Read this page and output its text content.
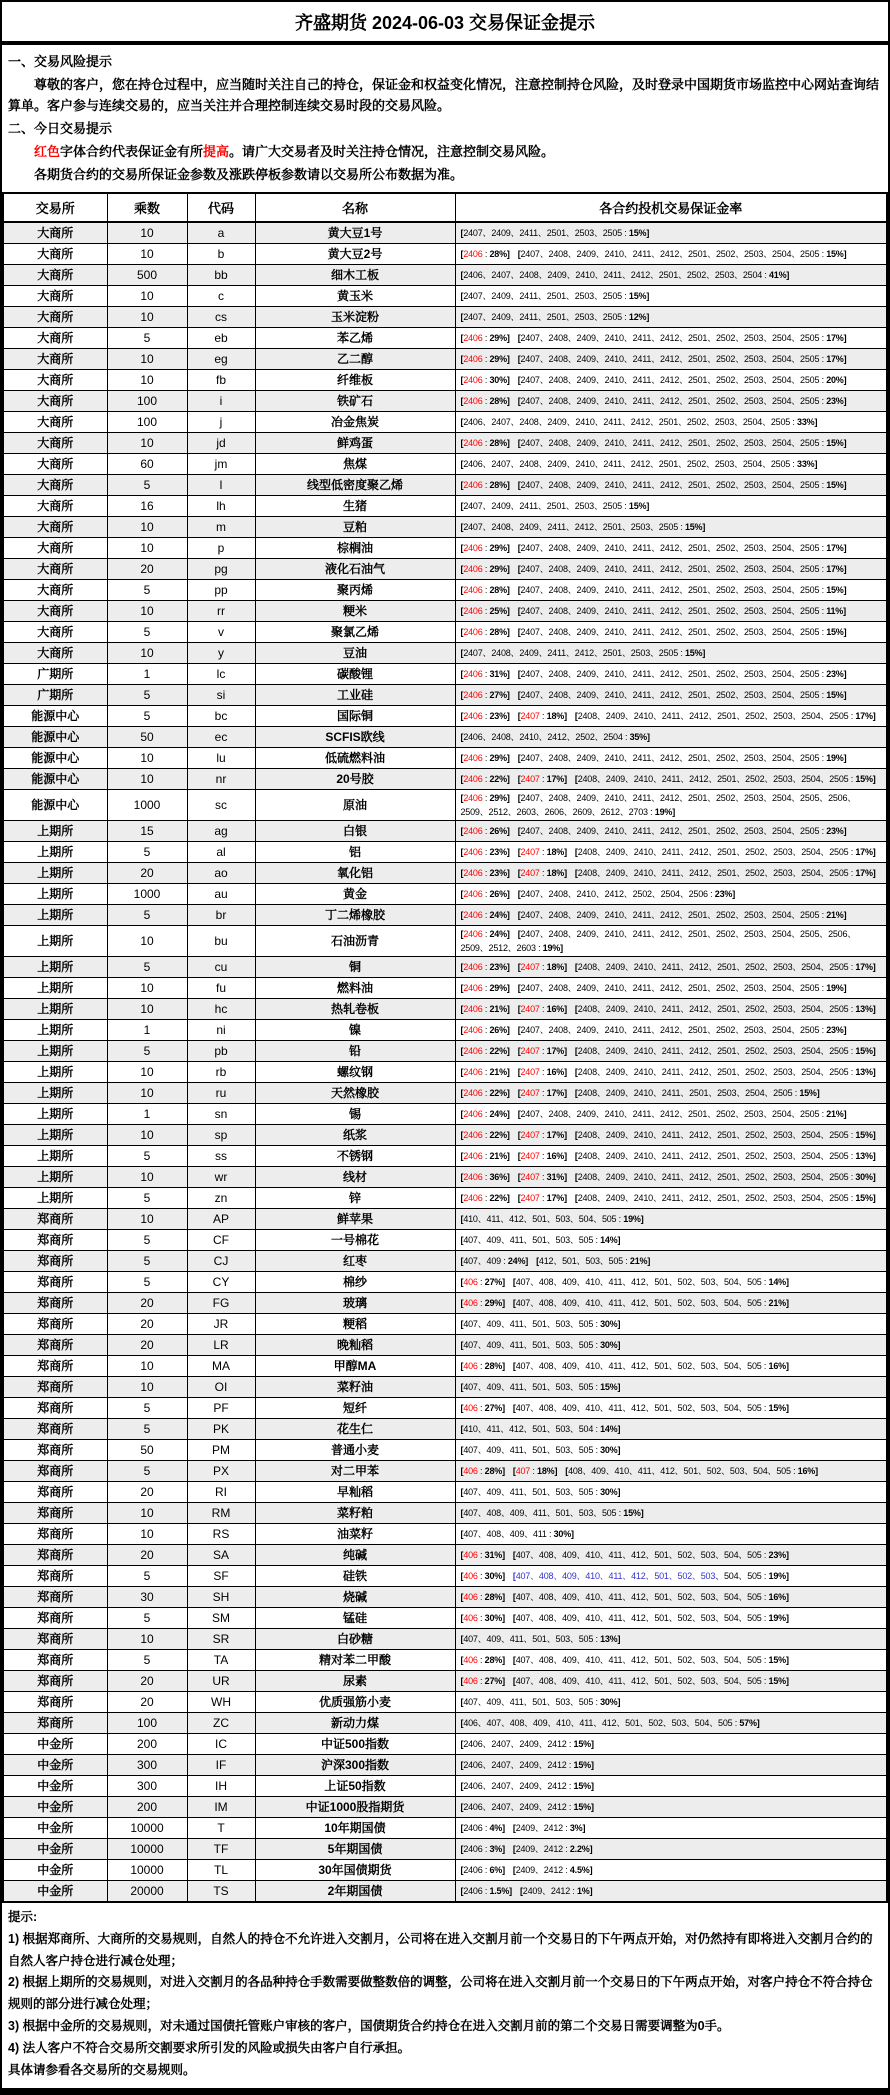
齐盛期货 2024-06-03 交易保证金提示
一、交易风险提示

尊敬的客户，您在持仓过程中，应当随时关注自己的持仓，保证金和权益变化情况，注意控制持仓风险，及时登录中国期货市场监控中心网站查询结算单。客户参与连续交易的，应当关注并合理控制连续交易时段的交易风险。

二、今日交易提示

红色字体合约代表保证金有所提高。请广大交易者及时关注持仓情况，注意控制交易风险。

各期货合约的交易所保证金参数及涨跌停板参数请以交易所公布数据为准。

交易所	乘数	代码	名称	各合约投机交易保证金率
大商所	10	a	黄大豆1号	[2407、2409、2411、2501、2503、2505 : 15%]
大商所	10	b	黄大豆2号	[2406 : 28%] [2407、2408、2409、2410、2411、2412、2501、2502、2503、2504、2505 : 15%]
大商所	500	bb	细木工板	[2406、2407、2408、2409、2410、2411、2412、2501、2502、2503、2504 : 41%]
大商所	10	c	黄玉米	[2407、2409、2411、2501、2503、2505 : 15%]
大商所	10	cs	玉米淀粉	[2407、2409、2411、2501、2503、2505 : 12%]
大商所	5	eb	苯乙烯	[2406 : 29%] [2407、2408、2409、2410、2411、2412、2501、2502、2503、2504、2505 : 17%]
大商所	10	eg	乙二醇	[2406 : 29%] [2407、2408、2409、2410、2411、2412、2501、2502、2503、2504、2505 : 17%]
大商所	10	fb	纤维板	[2406 : 30%] [2407、2408、2409、2410、2411、2412、2501、2502、2503、2504、2505 : 20%]
大商所	100	i	铁矿石	[2406 : 28%] [2407、2408、2409、2410、2411、2412、2501、2502、2503、2504、2505 : 23%]
大商所	100	j	冶金焦炭	[2406、2407、2408、2409、2410、2411、2412、2501、2502、2503、2504、2505 : 33%]
大商所	10	jd	鲜鸡蛋	[2406 : 28%] [2407、2408、2409、2410、2411、2412、2501、2502、2503、2504、2505 : 15%]
大商所	60	jm	焦煤	[2406、2407、2408、2409、2410、2411、2412、2501、2502、2503、2504、2505 : 33%]
大商所	5	l	线型低密度聚乙烯	[2406 : 28%] [2407、2408、2409、2410、2411、2412、2501、2502、2503、2504、2505 : 15%]
大商所	16	lh	生猪	[2407、2409、2411、2501、2503、2505 : 15%]
大商所	10	m	豆粕	[2407、2408、2409、2411、2412、2501、2503、2505 : 15%]
大商所	10	p	棕榈油	[2406 : 29%] [2407、2408、2409、2410、2411、2412、2501、2502、2503、2504、2505 : 17%]
大商所	20	pg	液化石油气	[2406 : 29%] [2407、2408、2409、2410、2411、2412、2501、2502、2503、2504、2505 : 17%]
大商所	5	pp	聚丙烯	[2406 : 28%] [2407、2408、2409、2410、2411、2412、2501、2502、2503、2504、2505 : 15%]
大商所	10	rr	粳米	[2406 : 25%] [2407、2408、2409、2410、2411、2412、2501、2502、2503、2504、2505 : 11%]
大商所	5	v	聚氯乙烯	[2406 : 28%] [2407、2408、2409、2410、2411、2412、2501、2502、2503、2504、2505 : 15%]
大商所	10	y	豆油	[2407、2408、2409、2411、2412、2501、2503、2505 : 15%]
广期所	1	lc	碳酸锂	[2406 : 31%] [2407、2408、2409、2410、2411、2412、2501、2502、2503、2504、2505 : 23%]
广期所	5	si	工业硅	[2406 : 27%] [2407、2408、2409、2410、2411、2412、2501、2502、2503、2504、2505 : 15%]
能源中心	5	bc	国际铜	[2406 : 23%] [2407 : 18%] [2408、2409、2410、2411、2412、2501、2502、2503、2504、2505 : 17%]
能源中心	50	ec	SCFIS欧线	[2406、2408、2410、2412、2502、2504 : 35%]
能源中心	10	lu	低硫燃料油	[2406 : 29%] [2407、2408、2409、2410、2411、2412、2501、2502、2503、2504、2505 : 19%]
能源中心	10	nr	20号胶	[2406 : 22%] [2407 : 17%] [2408、2409、2410、2411、2412、2501、2502、2503、2504、2505 : 15%]
能源中心	1000	sc	原油	[2406 : 29%] [2407、2408、2409、2410、2411、2412、2501、2502、2503、2504、2505、2506、2509、2512、2603、2606、2609、2612、2703 : 19%]
上期所	15	ag	白银	[2406 : 26%] [2407、2408、2409、2410、2411、2412、2501、2502、2503、2504、2505 : 23%]
上期所	5	al	铝	[2406 : 23%] [2407 : 18%] [2408、2409、2410、2411、2412、2501、2502、2503、2504、2505 : 17%]
上期所	20	ao	氧化铝	[2406 : 23%] [2407 : 18%] [2408、2409、2410、2411、2412、2501、2502、2503、2504、2505 : 17%]
上期所	1000	au	黄金	[2406 : 26%] [2407、2408、2410、2412、2502、2504、2506 : 23%]
上期所	5	br	丁二烯橡胶	[2406 : 24%] [2407、2408、2409、2410、2411、2412、2501、2502、2503、2504、2505 : 21%]
上期所	10	bu	石油沥青	[2406 : 24%] [2407、2408、2409、2410、2411、2412、2501、2502、2503、2504、2505、2506、2509、2512、2603 : 19%]
上期所	5	cu	铜	[2406 : 23%] [2407 : 18%] [2408、2409、2410、2411、2412、2501、2502、2503、2504、2505 : 17%]
上期所	10	fu	燃料油	[2406 : 29%] [2407、2408、2409、2410、2411、2412、2501、2502、2503、2504、2505 : 19%]
上期所	10	hc	热轧卷板	[2406 : 21%] [2407 : 16%] [2408、2409、2410、2411、2412、2501、2502、2503、2504、2505 : 13%]
上期所	1	ni	镍	[2406 : 26%] [2407、2408、2409、2410、2411、2412、2501、2502、2503、2504、2505 : 23%]
上期所	5	pb	铅	[2406 : 22%] [2407 : 17%] [2408、2409、2410、2411、2412、2501、2502、2503、2504、2505 : 15%]
上期所	10	rb	螺纹钢	[2406 : 21%] [2407 : 16%] [2408、2409、2410、2411、2412、2501、2502、2503、2504、2505 : 13%]
上期所	10	ru	天然橡胶	[2406 : 22%] [2407 : 17%] [2408、2409、2410、2411、2501、2503、2504、2505 : 15%]
上期所	1	sn	锡	[2406 : 24%] [2407、2408、2409、2410、2411、2412、2501、2502、2503、2504、2505 : 21%]
上期所	10	sp	纸浆	[2406 : 22%] [2407 : 17%] [2408、2409、2410、2411、2412、2501、2502、2503、2504、2505 : 15%]
上期所	5	ss	不锈钢	[2406 : 21%] [2407 : 16%] [2408、2409、2410、2411、2412、2501、2502、2503、2504、2505 : 13%]
上期所	10	wr	线材	[2406 : 36%] [2407 : 31%] [2408、2409、2410、2411、2412、2501、2502、2503、2504、2505 : 30%]
上期所	5	zn	锌	[2406 : 22%] [2407 : 17%] [2408、2409、2410、2411、2412、2501、2502、2503、2504、2505 : 15%]
郑商所	10	AP	鲜苹果	[410、411、412、501、503、504、505 : 19%]
郑商所	5	CF	一号棉花	[407、409、411、501、503、505 : 14%]
郑商所	5	CJ	红枣	[407、409 : 24%] [412、501、503、505 : 21%]
郑商所	5	CY	棉纱	[406 : 27%] [407、408、409、410、411、412、501、502、503、504、505 : 14%]
郑商所	20	FG	玻璃	[406 : 29%] [407、408、409、410、411、412、501、502、503、504、505 : 21%]
郑商所	20	JR	粳稻	[407、409、411、501、503、505 : 30%]
郑商所	20	LR	晚籼稻	[407、409、411、501、503、505 : 30%]
郑商所	10	MA	甲醇MA	[406 : 28%] [407、408、409、410、411、412、501、502、503、504、505 : 16%]
郑商所	10	OI	菜籽油	[407、409、411、501、503、505 : 15%]
郑商所	5	PF	短纤	[406 : 27%] [407、408、409、410、411、412、501、502、503、504、505 : 15%]
郑商所	5	PK	花生仁	[410、411、412、501、503、504 : 14%]
郑商所	50	PM	普通小麦	[407、409、411、501、503、505 : 30%]
郑商所	5	PX	对二甲苯	[406 : 28%] [407 : 18%] [408、409、410、411、412、501、502、503、504、505 : 16%]
郑商所	20	RI	早籼稻	[407、409、411、501、503、505 : 30%]
郑商所	10	RM	菜籽粕	[407、408、409、411、501、503、505 : 15%]
郑商所	10	RS	油菜籽	[407、408、409、411 : 30%]
郑商所	20	SA	纯碱	[406 : 31%] [407、408、409、410、411、412、501、502、503、504、505 : 23%]
郑商所	5	SF	硅铁	[406 : 30%] [407、408、409、410、411、412、501、502、503、504、505 : 19%]
郑商所	30	SH	烧碱	[406 : 28%] [407、408、409、410、411、412、501、502、503、504、505 : 16%]
郑商所	5	SM	锰硅	[406 : 30%] [407、408、409、410、411、412、501、502、503、504、505 : 19%]
郑商所	10	SR	白砂糖	[407、409、411、501、503、505 : 13%]
郑商所	5	TA	精对苯二甲酸	[406 : 28%] [407、408、409、410、411、412、501、502、503、504、505 : 15%]
郑商所	20	UR	尿素	[406 : 27%] [407、408、409、410、411、412、501、502、503、504、505 : 15%]
郑商所	20	WH	优质强筋小麦	[407、409、411、501、503、505 : 30%]
郑商所	100	ZC	新动力煤	[406、407、408、409、410、411、412、501、502、503、504、505 : 57%]
中金所	200	IC	中证500指数	[2406、2407、2409、2412 : 15%]
中金所	300	IF	沪深300指数	[2406、2407、2409、2412 : 15%]
中金所	300	IH	上证50指数	[2406、2407、2409、2412 : 15%]
中金所	200	IM	中证1000股指期货	[2406、2407、2409、2412 : 15%]
中金所	10000	T	10年期国债	[2406 : 4%] [2409、2412 : 3%]
中金所	10000	TF	5年期国债	[2406 : 3%] [2409、2412 : 2.2%]
中金所	10000	TL	30年国债期货	[2406 : 6%] [2409、2412 : 4.5%]
中金所	20000	TS	2年期国债	[2406 : 1.5%] [2409、2412 : 1%]
提示:
1) 根据郑商所、大商所的交易规则，自然人的持仓不允许进入交割月，公司将在进入交割月前一个交易日的下午两点开始，对仍然持有即将进入交割月合约的自然人客户持仓进行减仓处理；
2) 根据上期所的交易规则，对进入交割月的各品种持仓手数需要做整数倍的调整，公司将在进入交割月前一个交易日的下午两点开始，对客户持仓不符合持仓规则的部分进行减仓处理；
3) 根据中金所的交易规则，对未通过国债托管账户审核的客户，国债期货合约持仓在进入交割月前的第二个交易日需要调整为0手。
4) 法人客户不符合交易所交割要求所引发的风险或损失由客户自行承担。
具体请参看各交易所的交易规则。
